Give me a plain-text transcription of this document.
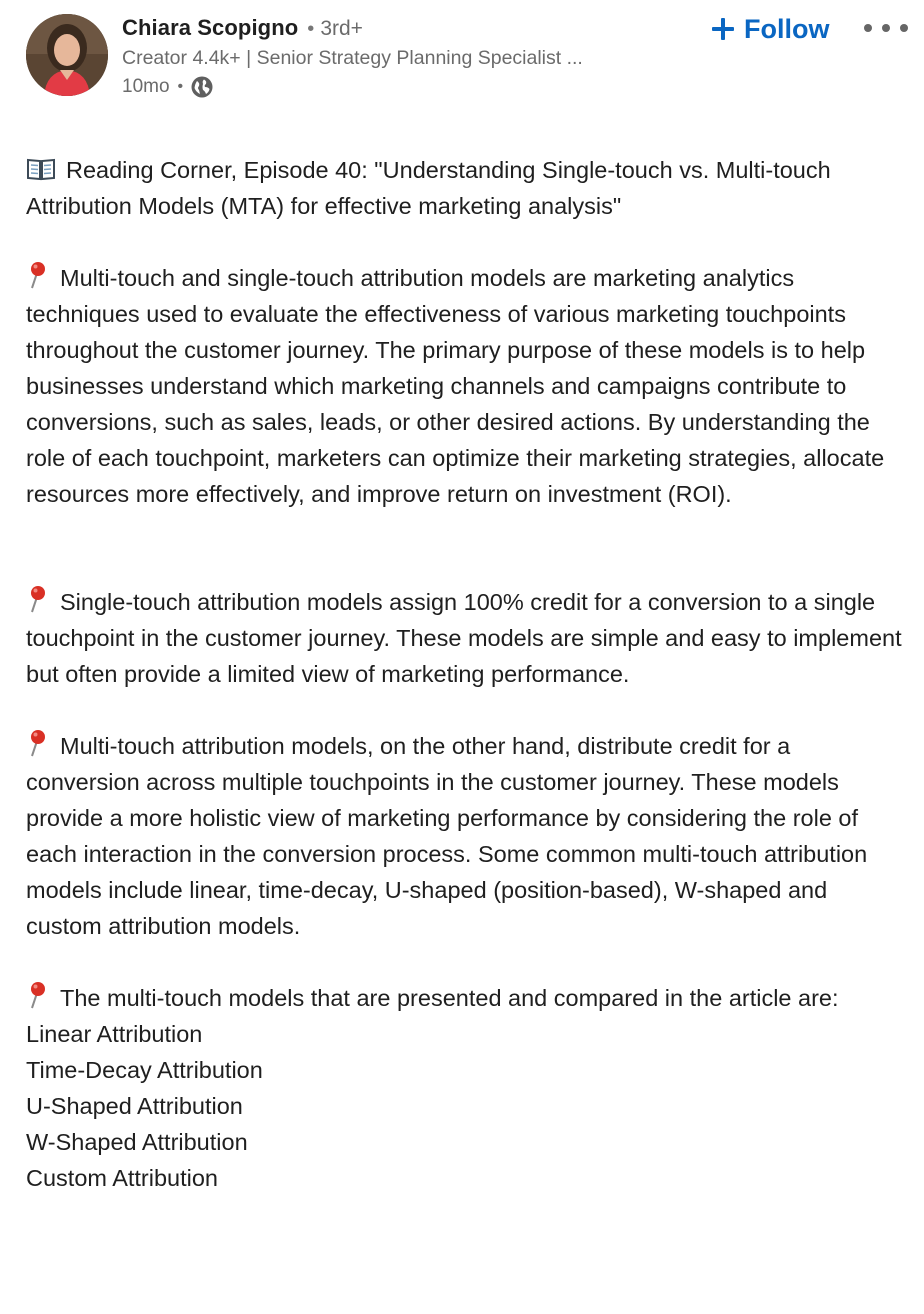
Chiara Scopigno • 3rd+
Creator 4.4k+ | Senior Strategy Planning Specialist ...
10mo •
Follow

Reading Corner, Episode 40: "Understanding Single-touch vs. Multi-touch Attribution Models (MTA) for effective marketing analysis"

Multi-touch and single-touch attribution models are marketing analytics techniques used to evaluate the effectiveness of various marketing touchpoints throughout the customer journey. The primary purpose of these models is to help businesses understand which marketing channels and campaigns contribute to conversions, such as sales, leads, or other desired actions. By understanding the role of each touchpoint, marketers can optimize their marketing strategies, allocate resources more effectively, and improve return on investment (ROI).

Single-touch attribution models assign 100% credit for a conversion to a single touchpoint in the customer journey. These models are simple and easy to implement but often provide a limited view of marketing performance.

Multi-touch attribution models, on the other hand, distribute credit for a conversion across multiple touchpoints in the customer journey. These models provide a more holistic view of marketing performance by considering the role of each interaction in the conversion process. Some common multi-touch attribution models include linear, time-decay, U-shaped (position-based), W-shaped and custom attribution models.

The multi-touch models that are presented and compared in the article are:

Linear Attribution

Time-Decay Attribution

U-Shaped Attribution

W-Shaped Attribution

Custom Attribution
